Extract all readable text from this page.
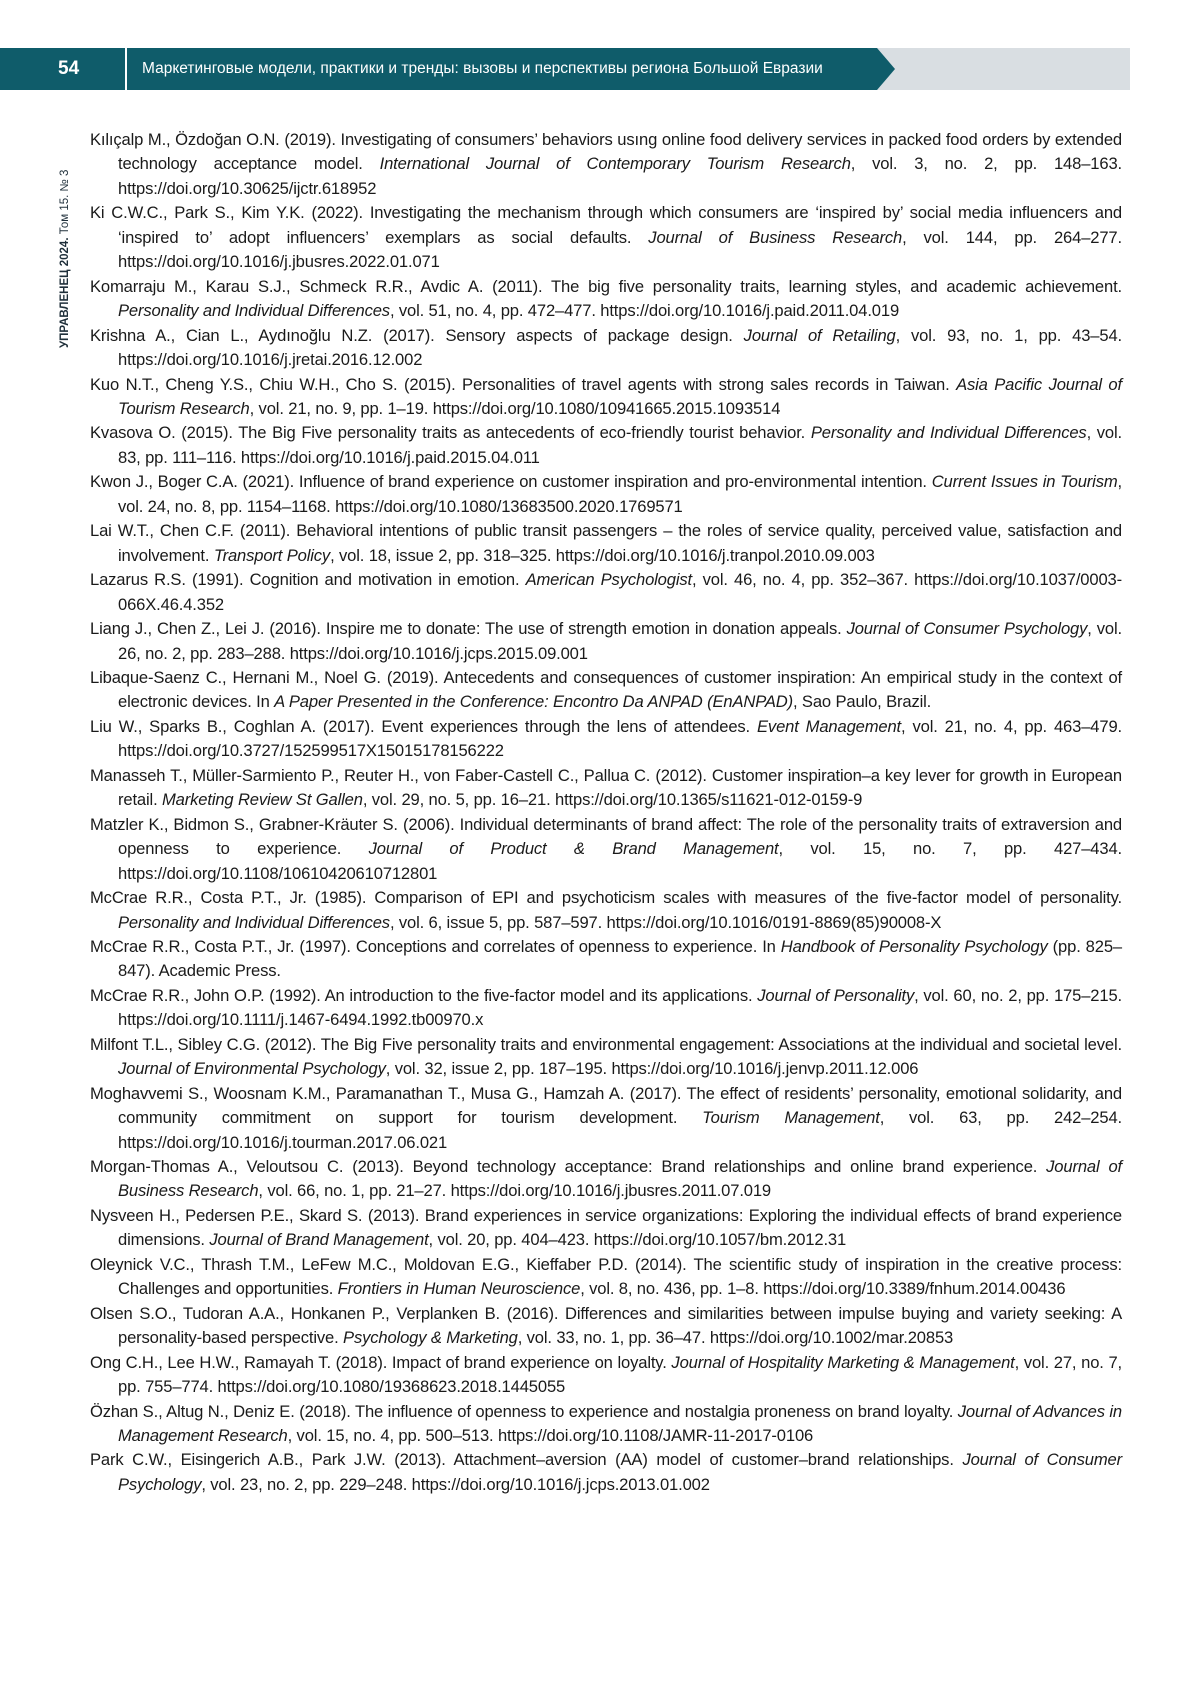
54	Маркетинговые модели, практики и тренды: вызовы и перспективы региона Большой Евразии
УПРАВЛЕНЕЦ 2024. Том 15. № 3

Kılıçalp M., Özdoğan O.N. (2019). Investigating of consumers’ behaviors usıng online food delivery services in packed food orders by extended technology acceptance model. International Journal of Contemporary Tourism Research, vol. 3, no. 2, pp. 148–163. https://doi.org/10.30625/ijctr.618952

Ki C.W.C., Park S., Kim Y.K. (2022). Investigating the mechanism through which consumers are ‘inspired by’ social media influencers and ‘inspired to’ adopt influencers’ exemplars as social defaults. Journal of Business Research, vol. 144, pp. 264–277. https://doi.org/10.1016/j.jbusres.2022.01.071

Komarraju M., Karau S.J., Schmeck R.R., Avdic A. (2011). The big five personality traits, learning styles, and academic achievement. Personality and Individual Differences, vol. 51, no. 4, pp. 472–477. https://doi.org/10.1016/j.paid.2011.04.019

Krishna A., Cian L., Aydınoğlu N.Z. (2017). Sensory aspects of package design. Journal of Retailing, vol. 93, no. 1, pp. 43–54. https://doi.org/10.1016/j.jretai.2016.12.002

Kuo N.T., Cheng Y.S., Chiu W.H., Cho S. (2015). Personalities of travel agents with strong sales records in Taiwan. Asia Pacific Journal of Tourism Research, vol. 21, no. 9, pp. 1–19. https://doi.org/10.1080/10941665.2015.1093514

Kvasova O. (2015). The Big Five personality traits as antecedents of eco-friendly tourist behavior. Personality and Individual Differences, vol. 83, pp. 111–116. https://doi.org/10.1016/j.paid.2015.04.011

Kwon J., Boger C.A. (2021). Influence of brand experience on customer inspiration and pro-environmental intention. Current Issues in Tourism, vol. 24, no. 8, pp. 1154–1168. https://doi.org/10.1080/13683500.2020.1769571

Lai W.T., Chen C.F. (2011). Behavioral intentions of public transit passengers – the roles of service quality, perceived value, satisfaction and involvement. Transport Policy, vol. 18, issue 2, pp. 318–325. https://doi.org/10.1016/j.tranpol.2010.09.003

Lazarus R.S. (1991). Cognition and motivation in emotion. American Psychologist, vol. 46, no. 4, pp. 352–367. https://doi.org/10.1037/0003-066X.46.4.352

Liang J., Chen Z., Lei J. (2016). Inspire me to donate: The use of strength emotion in donation appeals. Journal of Consumer Psychology, vol. 26, no. 2, pp. 283–288. https://doi.org/10.1016/j.jcps.2015.09.001

Libaque-Saenz C., Hernani M., Noel G. (2019). Antecedents and consequences of customer inspiration: An empirical study in the context of electronic devices. In A Paper Presented in the Conference: Encontro Da ANPAD (EnANPAD), Sao Paulo, Brazil.

Liu W., Sparks B., Coghlan A. (2017). Event experiences through the lens of attendees. Event Management, vol. 21, no. 4, pp. 463–479. https://doi.org/10.3727/152599517X15015178156222

Manasseh T., Müller-Sarmiento P., Reuter H., von Faber-Castell C., Pallua C. (2012). Customer inspiration–a key lever for growth in European retail. Marketing Review St Gallen, vol. 29, no. 5, pp. 16–21. https://doi.org/10.1365/s11621-012-0159-9

Matzler K., Bidmon S., Grabner-Kräuter S. (2006). Individual determinants of brand affect: The role of the personality traits of extraversion and openness to experience. Journal of Product & Brand Management, vol. 15, no. 7, pp. 427–434. https://doi.org/10.1108/10610420610712801

McCrae R.R., Costa P.T., Jr. (1985). Comparison of EPI and psychoticism scales with measures of the five-factor model of personality. Personality and Individual Differences, vol. 6, issue 5, pp. 587–597. https://doi.org/10.1016/0191-8869(85)90008-X

McCrae R.R., Costa P.T., Jr. (1997). Conceptions and correlates of openness to experience. In Handbook of Personality Psychology (pp. 825–847). Academic Press.

McCrae R.R., John O.P. (1992). An introduction to the five-factor model and its applications. Journal of Personality, vol. 60, no. 2, pp. 175–215. https://doi.org/10.1111/j.1467-6494.1992.tb00970.x

Milfont T.L., Sibley C.G. (2012). The Big Five personality traits and environmental engagement: Associations at the individual and societal level. Journal of Environmental Psychology, vol. 32, issue 2, pp. 187–195. https://doi.org/10.1016/j.jenvp.2011.12.006

Moghavvemi S., Woosnam K.M., Paramanathan T., Musa G., Hamzah A. (2017). The effect of residents’ personality, emotional solidarity, and community commitment on support for tourism development. Tourism Management, vol. 63, pp. 242–254. https://doi.org/10.1016/j.tourman.2017.06.021

Morgan-Thomas A., Veloutsou C. (2013). Beyond technology acceptance: Brand relationships and online brand experience. Journal of Business Research, vol. 66, no. 1, pp. 21–27. https://doi.org/10.1016/j.jbusres.2011.07.019

Nysveen H., Pedersen P.E., Skard S. (2013). Brand experiences in service organizations: Exploring the individual effects of brand experience dimensions. Journal of Brand Management, vol. 20, pp. 404–423. https://doi.org/10.1057/bm.2012.31

Oleynick V.C., Thrash T.M., LeFew M.C., Moldovan E.G., Kieffaber P.D. (2014). The scientific study of inspiration in the creative process: Challenges and opportunities. Frontiers in Human Neuroscience, vol. 8, no. 436, pp. 1–8. https://doi.org/10.3389/fnhum.2014.00436

Olsen S.O., Tudoran A.A., Honkanen P., Verplanken B. (2016). Differences and similarities between impulse buying and variety seeking: A personality-based perspective. Psychology & Marketing, vol. 33, no. 1, pp. 36–47. https://doi.org/10.1002/mar.20853

Ong C.H., Lee H.W., Ramayah T. (2018). Impact of brand experience on loyalty. Journal of Hospitality Marketing & Management, vol. 27, no. 7, pp. 755–774. https://doi.org/10.1080/19368623.2018.1445055

Özhan S., Altug N., Deniz E. (2018). The influence of openness to experience and nostalgia proneness on brand loyalty. Journal of Advances in Management Research, vol. 15, no. 4, pp. 500–513. https://doi.org/10.1108/JAMR-11-2017-0106

Park C.W., Eisingerich A.B., Park J.W. (2013). Attachment–aversion (AA) model of customer–brand relationships. Journal of Consumer Psychology, vol. 23, no. 2, pp. 229–248. https://doi.org/10.1016/j.jcps.2013.01.002
